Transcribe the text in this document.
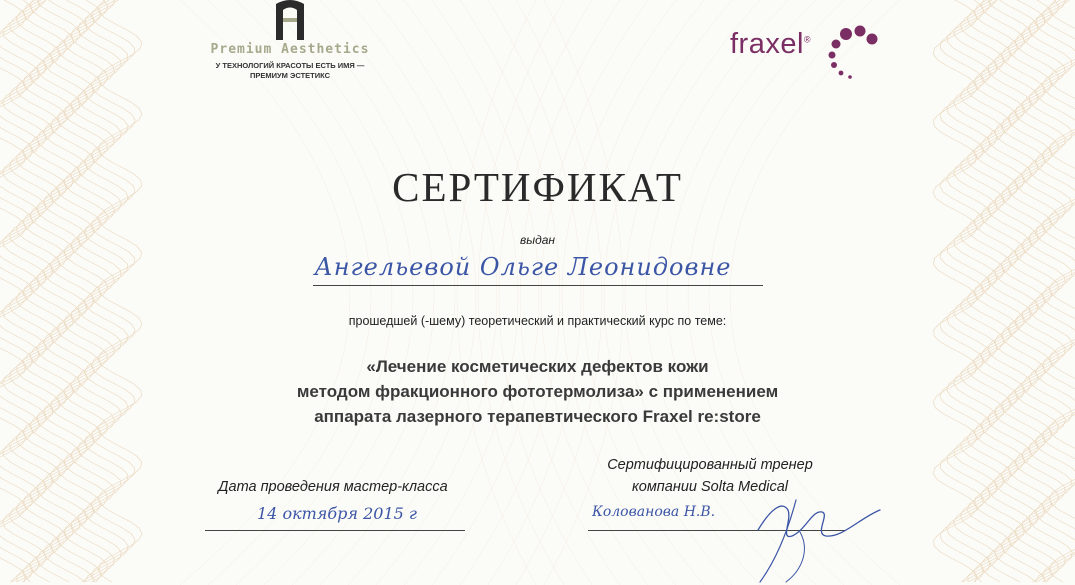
Premium Aesthetics
У ТЕХНОЛОГИЙ КРАСОТЫ ЕСТЬ ИМЯ —
ПРЕМИУМ ЭСТЕТИКС
fraxel®
СЕРТИФИКАТ
выдан
Ангельевой Ольге Леонидовне
прошедшей (-шему) теоретический и практический курс по теме:
«Лечение косметических дефектов кожи
методом фракционного фототермолиза» с применением
аппарата лазерного терапевтического Fraxel re:store
Дата проведения мастер-класса
14 октября 2015 г
Сертифицированный тренер
компании Solta Medical
Колованова Н.В.
